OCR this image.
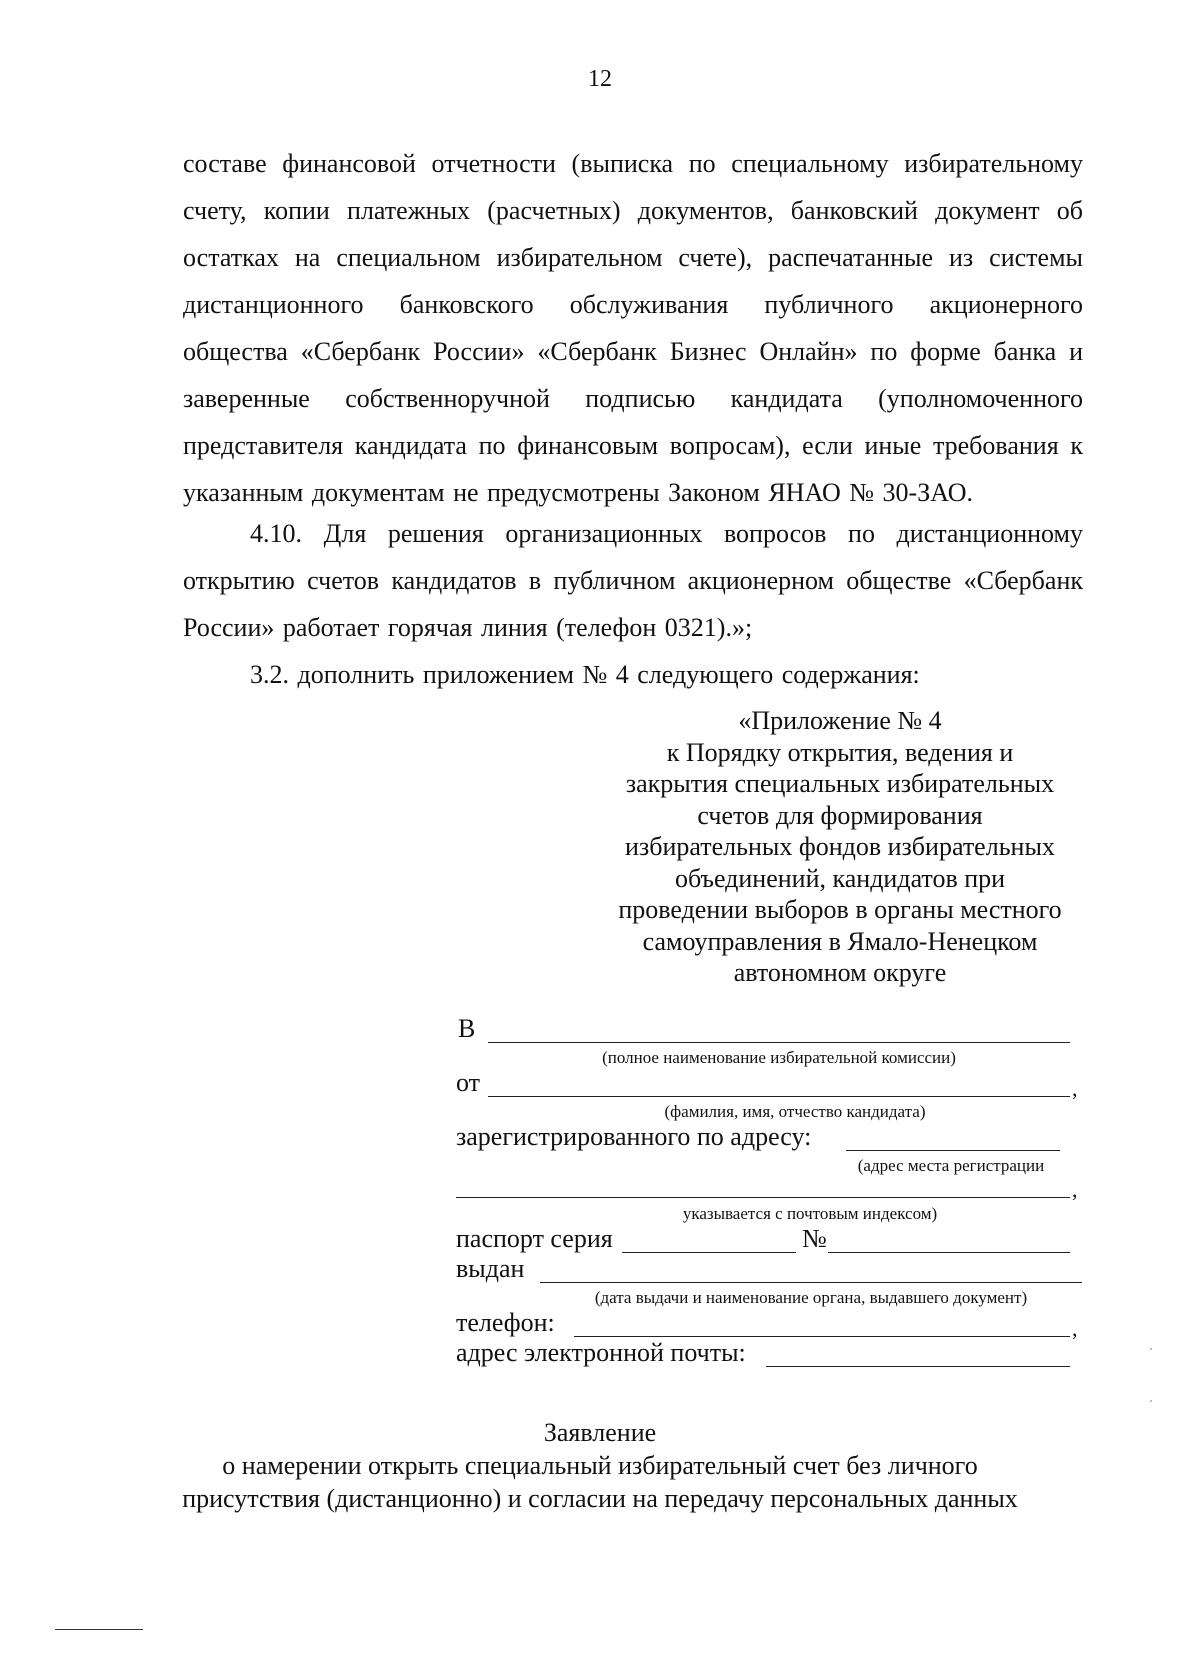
12

составе финансовой отчетности (выписка по специальному избирательному счету, копии платежных (расчетных) документов, банковский документ об остатках на специальном избирательном счете), распечатанные из системы дистанционного банковского обслуживания публичного акционерного общества «Сбербанк России» «Сбербанк Бизнес Онлайн» по форме банка и заверенные собственноручной подписью кандидата (уполномоченного представителя кандидата по финансовым вопросам), если иные требования к указанным документам не предусмотрены Законом ЯНАО № 30-ЗАО.

4.10. Для решения организационных вопросов по дистанционному открытию счетов кандидатов в публичном акционерном обществе «Сбербанк России» работает горячая линия (телефон 0321).»;

3.2. дополнить приложением № 4 следующего содержания:

«Приложение № 4
к Порядку открытия, ведения и
закрытия специальных избирательных
счетов для формирования
избирательных фондов избирательных
объединений, кандидатов при
проведении выборов в органы местного
самоуправления в Ямало-Ненецком
автономном округе
В
(полное наименование избирательной комиссии)
от	,
(фамилия, имя, отчество кандидата)
зарегистрированного по адресу:
(адрес места регистрации
,
указывается с почтовым индексом)
паспорт серия	№
выдан
(дата выдачи и наименование органа, выдавшего документ)
телефон:	,
адрес электронной почты:
Заявление
о намерении открыть специальный избирательный счет без личного
присутствия (дистанционно) и согласии на передачу персональных данных
